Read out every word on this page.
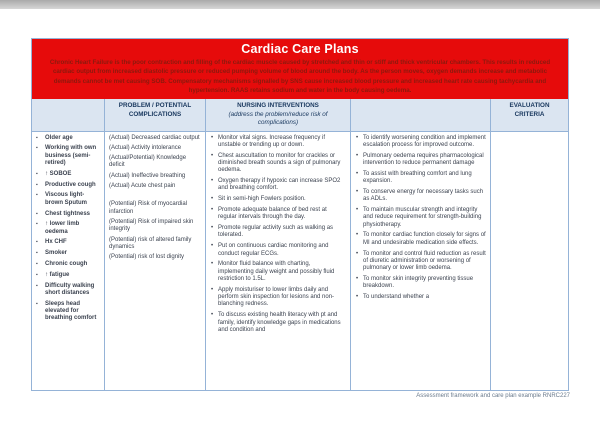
Cardiac Care Plans
Chronic Heart Failure is the poor contraction and filling of the cardiac muscle caused by stretched and thin or stiff and thick ventricular chambers. This results in reduced cardiac output from increased diastolic pressure or reduced pumping volume of blood around the body. As the person moves, oxygen demands increase and metabolic demands cannot be met causing SOB. Compensatory mechanisms signalled by SNS cause increased blood pressure and increased heart rate causing tachycardia and hypertension. RAAS retains sodium and water in the body causing oedema.
PROBLEM / POTENTIAL COMPLICATIONS
NURSING INTERVENTIONS
(address the problem/reduce risk of complications)
EVALUATION CRITERIA
▪ Older age
▪ Working with own business (semi-retired)
▪ ↑ SOBOE
▪ Productive cough
▪ Viscous light-brown Sputum
▪ Chest tightness
▪ ↑ lower limb oedema
▪ Hx CHF
▪ Smoker
▪ Chronic cough
▪ ↑ fatigue
▪ Difficulty walking short distances
▪ Sleeps head elevated for breathing comfort
(Actual) Decreased cardiac output
(Actual) Activity intolerance
(Actual/Potential) Knowledge deficit
(Actual) Ineffective breathing
(Actual) Acute chest pain
(Potential) Risk of myocardial infarction
(Potential) Risk of impaired skin integrity
(Potential) risk of altered family dynamics
(Potential) risk of lost dignity
• Monitor vital signs. Increase frequency if unstable or trending up or down.
• Chest auscultation to monitor for crackles or diminished breath sounds a sign of pulmonary oedema.
• Oxygen therapy if hypoxic can increase SPO2 and breathing comfort.
• Sit in semi-high Fowlers position.
• Promote adequate balance of bed rest at regular intervals through the day.
• Promote regular activity such as walking as tolerated.
• Put on continuous cardiac monitoring and conduct regular ECGs.
• Monitor fluid balance with charting, implementing daily weight and possibly fluid restriction to 1.5L.
• Apply moisturiser to lower limbs daily and perform skin inspection for lesions and non-blanching redness.
• To discuss existing health literacy with pt and family, identify knowledge gaps in medications and condition and
• To identify worsening condition and implement escalation process for improved outcome.
• Pulmonary oedema requires pharmacological intervention to reduce permanent damage
• To assist with breathing comfort and lung expansion.
• To conserve energy for necessary tasks such as ADLs.
• To maintain muscular strength and integrity and reduce requirement for strength-building physiotherapy.
• To monitor cardiac function closely for signs of MI and undesirable medication side effects.
• To monitor and control fluid reduction as result of diuretic administration or worsening of pulmonary or lower limb oedema.
• To monitor skin integrity preventing tissue breakdown.
• To understand whether a
Assessment framework and care plan example RNRC227
